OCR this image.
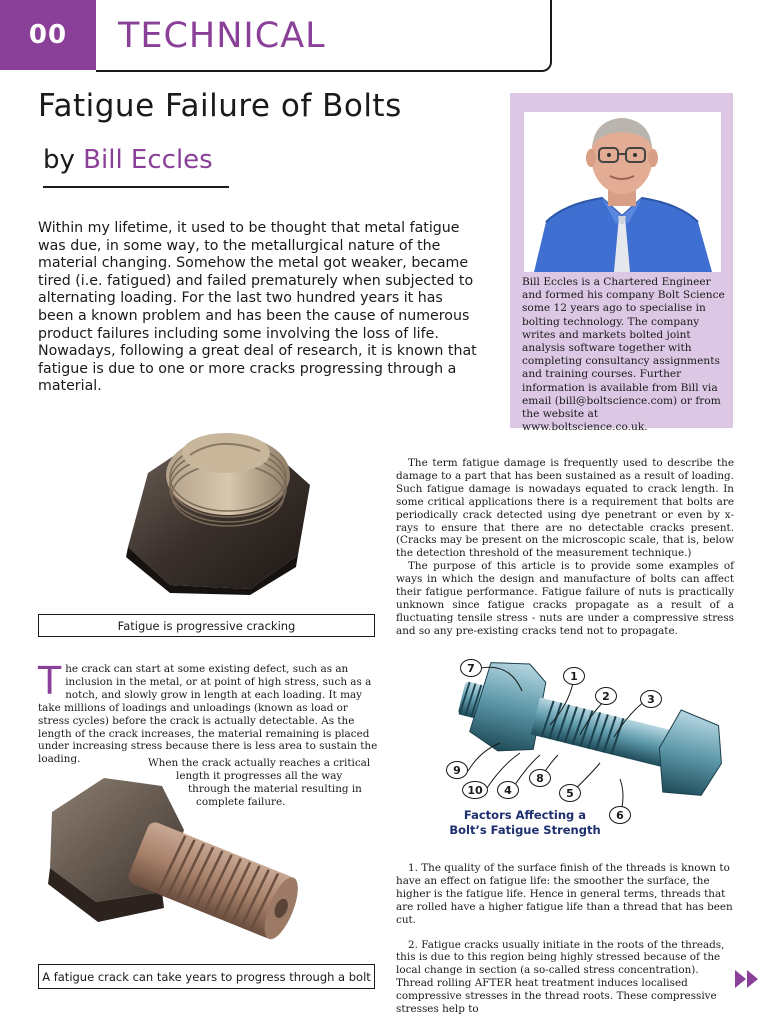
00 TECHNICAL
Fatigue Failure of Bolts
by Bill Eccles

Within my lifetime, it used to be thought that metal fatigue was due, in some way, to the metallurgical nature of the material changing. Somehow the metal got weaker, became tired (i.e. fatigued) and failed prematurely when subjected to alternating loading. For the last two hundred years it has been a known problem and has been the cause of numerous product failures including some involving the loss of life. Nowadays, following a great deal of research, it is known that fatigue is due to one or more cracks progressing through a material.

Bill Eccles is a Chartered Engineer and formed his company Bolt Science some 12 years ago to specialise in bolting technology. The company writes and markets bolted joint analysis software together with completing consultancy assignments and training courses. Further information is available from Bill via email (bill@boltscience.com) or from the website at www.boltscience.co.uk.

Fatigue is progressive cracking

The term fatigue damage is frequently used to describe the damage to a part that has been sustained as a result of loading. Such fatigue damage is nowadays equated to crack length. In some critical applications there is a requirement that bolts are periodically crack detected using dye penetrant or even by x-rays to ensure that there are no detectable cracks present. (Cracks may be present on the microscopic scale, that is, below the detection threshold of the measurement technique.)

The purpose of this article is to provide some examples of ways in which the design and manufacture of bolts can affect their fatigue performance. Fatigue failure of nuts is practically unknown since fatigue cracks propagate as a result of a fluctuating tensile stress - nuts are under a compressive stress and so any pre-existing cracks tend not to propagate.

T he crack can start at some existing defect, such as an inclusion in the metal, or at point of high stress, such as a notch, and slowly grow in length at each loading. It may take millions of loadings and unloadings (known as load or stress cycles) before the crack is actually detectable. As the length of the crack increases, the material remaining is placed under increasing stress because there is less area to sustain the loading.	When the crack actually reaches a critical
length it progresses all the way
through the material resulting in
complete failure.
A fatigue crack can take years to progress through a bolt
7
1
2	3
9
10	4
8
5
6
Factors Affecting a
Bolt’s Fatigue Strength

1. The quality of the surface finish of the threads is known to have an effect on fatigue life: the smoother the surface, the higher is the fatigue life. Hence in general terms, threads that are rolled have a higher fatigue life than a thread that has been cut.

2. Fatigue cracks usually initiate in the roots of the threads, this is due to this region being highly stressed because of the local change in section (a so-called stress concentration). Thread rolling AFTER heat treatment induces localised compressive stresses in the thread roots. These compressive stresses help to
